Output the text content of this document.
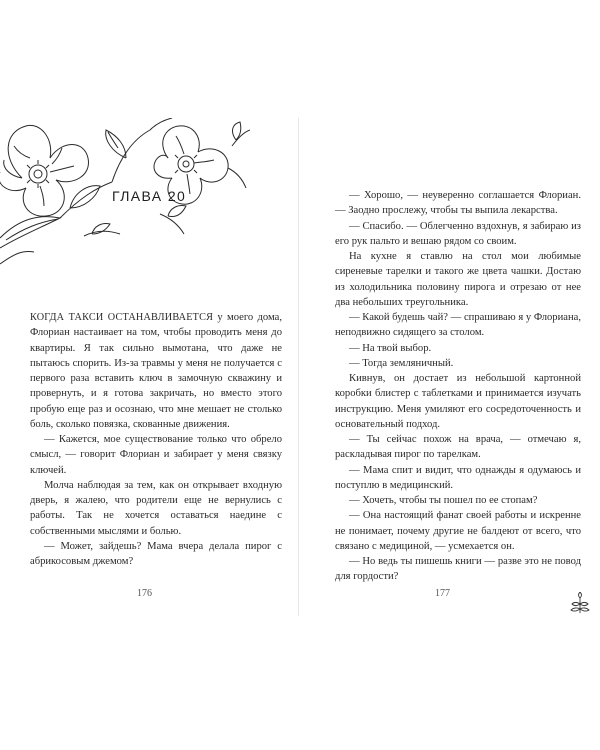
ГЛАВА 20

КОГДА ТАКСИ ОСТАНАВЛИВАЕТСЯ у моего дома, Флориан настаивает на том, чтобы проводить меня до квартиры. Я так сильно вымотана, что даже не пытаюсь спорить. Из-за травмы у меня не получается с первого раза вставить ключ в замочную скважину и провернуть, и я готова закричать, но вместо этого пробую еще раз и осознаю, что мне мешает не столько боль, сколько повязка, скованные движения.

— Кажется, мое существование только что обрело смысл, — говорит Флориан и забирает у меня связку ключей.

Молча наблюдая за тем, как он открывает входную дверь, я жалею, что родители еще не вернулись с работы. Так не хочется оставаться наедине с собственными мыслями и болью.

— Может, зайдешь? Мама вчера делала пирог с абрикосовым джемом?

176

— Хорошо, — неуверенно соглашается Флориан. — Заодно прослежу, чтобы ты выпила лекарства.

— Спасибо. — Облегченно вздохнув, я забираю из его рук пальто и вешаю рядом со своим.

На кухне я ставлю на стол мои любимые сиреневые тарелки и такого же цвета чашки. Достаю из холодильника половину пирога и отрезаю от нее два небольших треугольника.

— Какой будешь чай? — спрашиваю я у Флориана, неподвижно сидящего за столом.

— На твой выбор.

— Тогда земляничный.

Кивнув, он достает из небольшой картонной коробки блистер с таблетками и принимается изучать инструкцию. Меня умиляют его сосредоточенность и основательный подход.

— Ты сейчас похож на врача, — отмечаю я, раскладывая пирог по тарелкам.

— Мама спит и видит, что однажды я одумаюсь и поступлю в медицинский.

— Хочеть, чтобы ты пошел по ее стопам?

— Она настоящий фанат своей работы и искренне не понимает, почему другие не балдеют от всего, что связано с медициной, — усмехается он.

— Но ведь ты пишешь книги — разве это не повод для гордости?

177
